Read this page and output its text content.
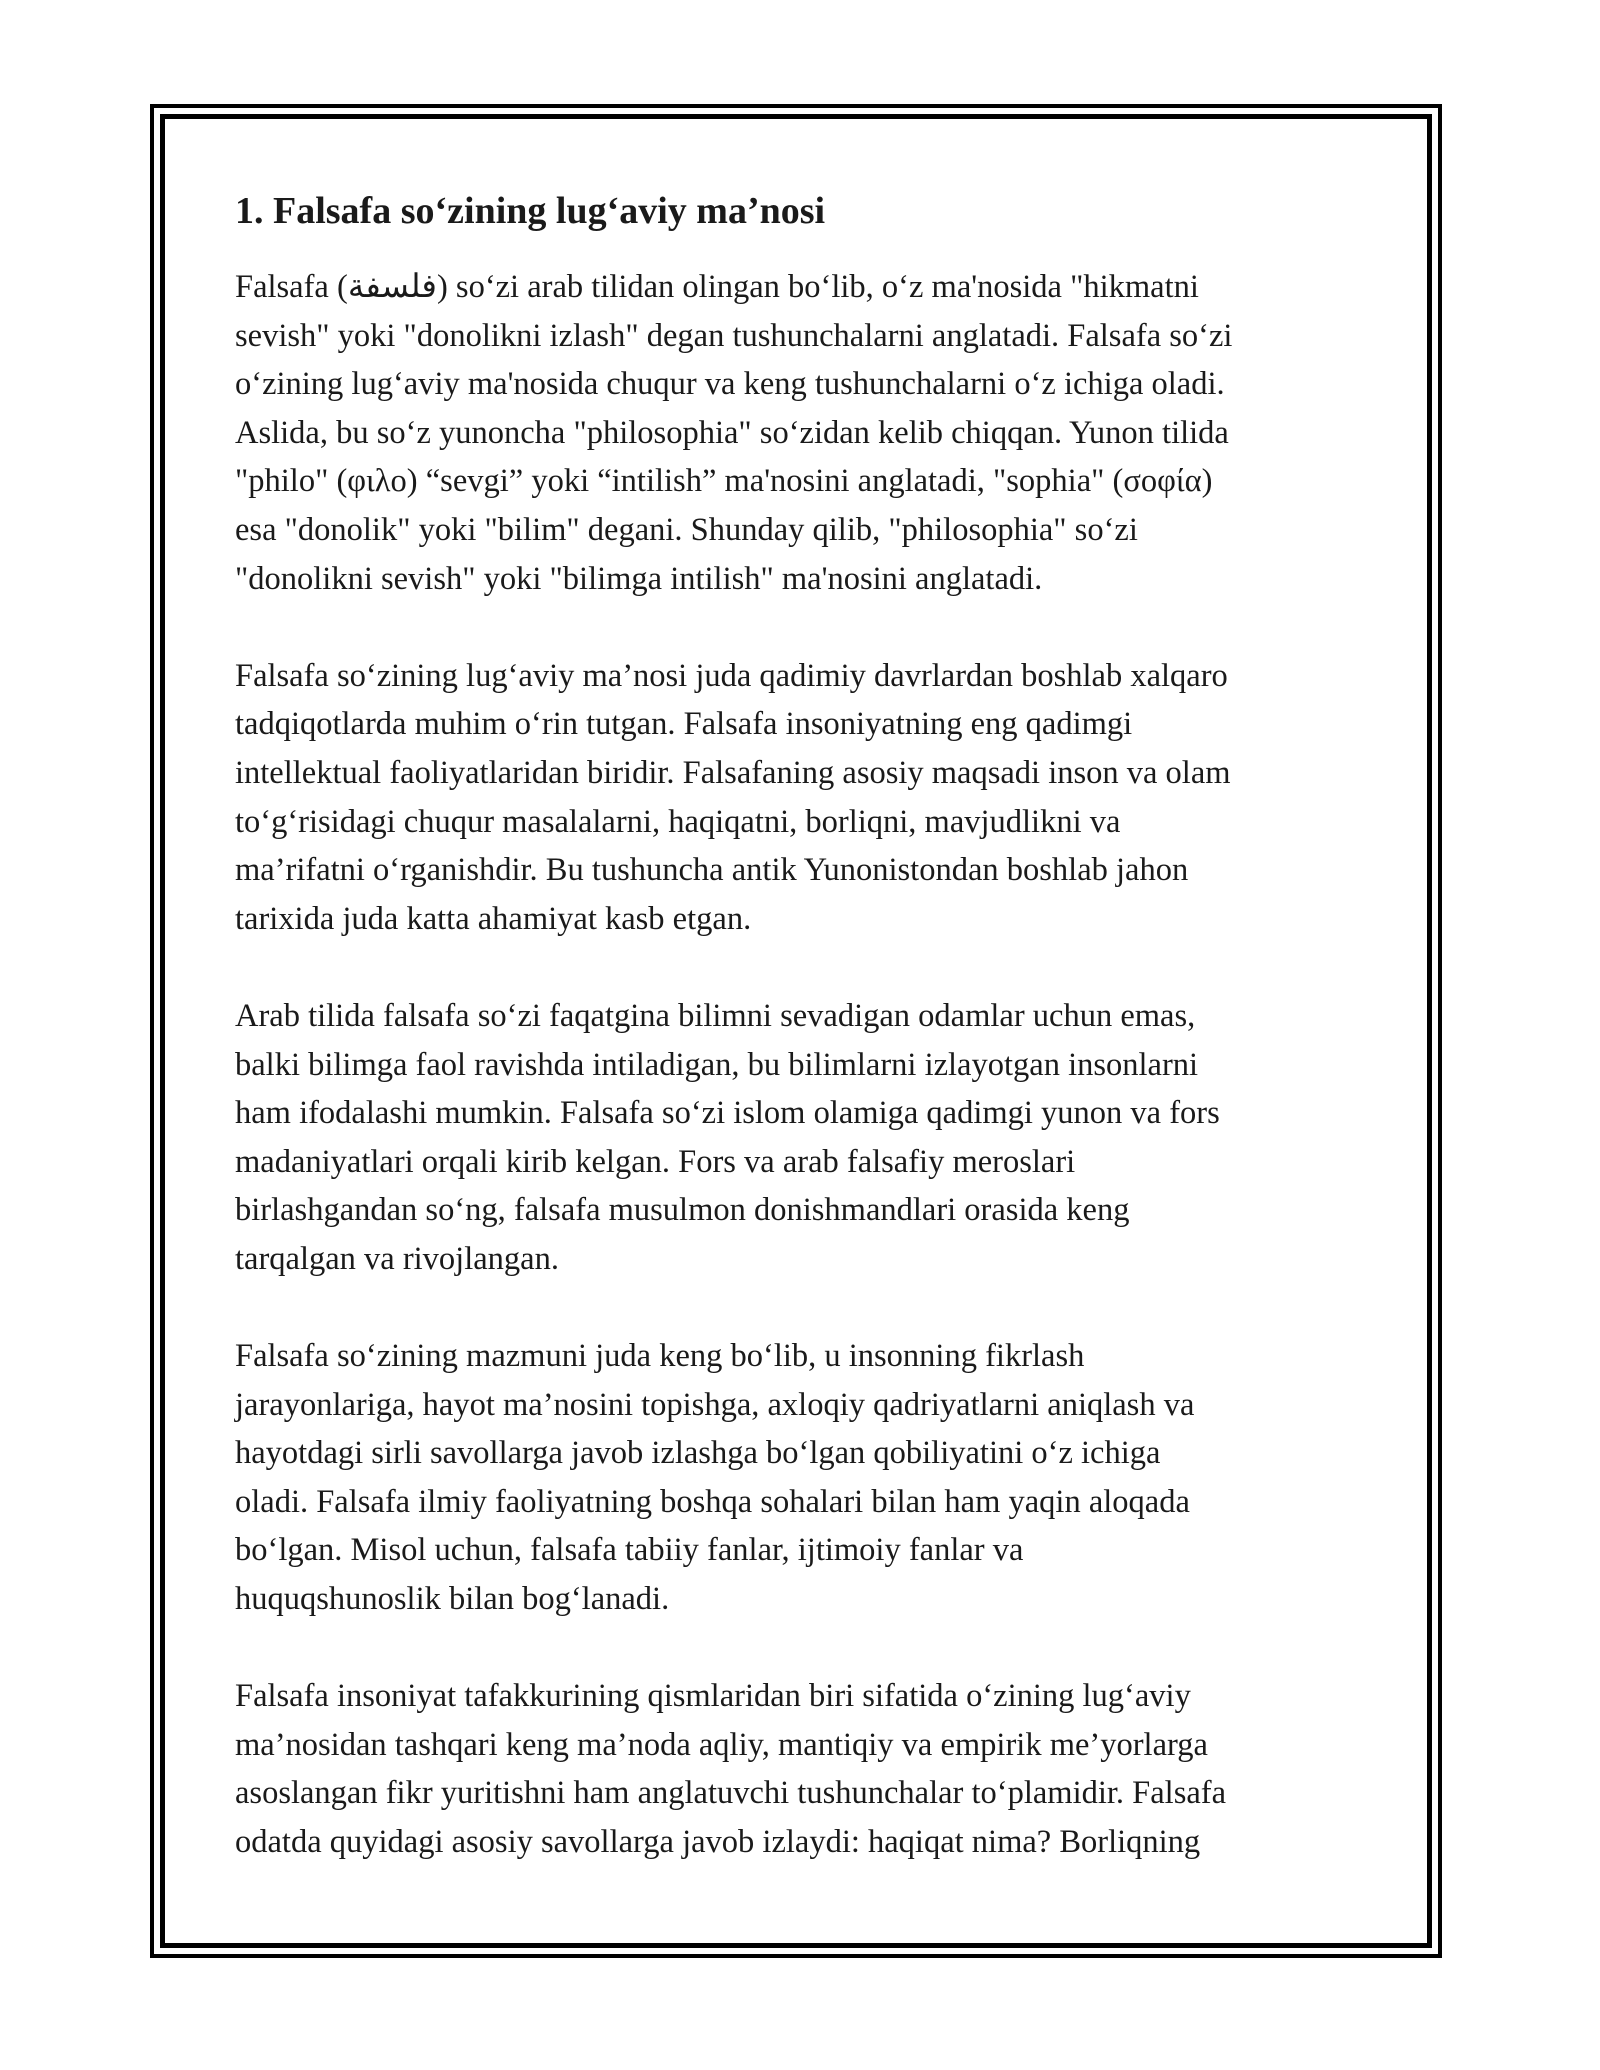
1. Falsafa so‘zining lug‘aviy ma’nosi
Falsafa (فلسفة) so‘zi arab tilidan olingan bo‘lib, o‘z ma'nosida "hikmatni
sevish" yoki "donolikni izlash" degan tushunchalarni anglatadi. Falsafa so‘zi
o‘zining lug‘aviy ma'nosida chuqur va keng tushunchalarni o‘z ichiga oladi.
Aslida, bu so‘z yunoncha "philosophia" so‘zidan kelib chiqqan. Yunon tilida
"philo" (φιλο) “sevgi” yoki “intilish” ma'nosini anglatadi, "sophia" (σοφία)
esa "donolik" yoki "bilim" degani. Shunday qilib, "philosophia" so‘zi
"donolikni sevish" yoki "bilimga intilish" ma'nosini anglatadi.
Falsafa so‘zining lug‘aviy ma’nosi juda qadimiy davrlardan boshlab xalqaro
tadqiqotlarda muhim o‘rin tutgan. Falsafa insoniyatning eng qadimgi
intellektual faoliyatlaridan biridir. Falsafaning asosiy maqsadi inson va olam
to‘g‘risidagi chuqur masalalarni, haqiqatni, borliqni, mavjudlikni va
ma’rifatni o‘rganishdir. Bu tushuncha antik Yunonistondan boshlab jahon
tarixida juda katta ahamiyat kasb etgan.
Arab tilida falsafa so‘zi faqatgina bilimni sevadigan odamlar uchun emas,
balki bilimga faol ravishda intiladigan, bu bilimlarni izlayotgan insonlarni
ham ifodalashi mumkin. Falsafa so‘zi islom olamiga qadimgi yunon va fors
madaniyatlari orqali kirib kelgan. Fors va arab falsafiy meroslari
birlashgandan so‘ng, falsafa musulmon donishmandlari orasida keng
tarqalgan va rivojlangan.
Falsafa so‘zining mazmuni juda keng bo‘lib, u insonning fikrlash
jarayonlariga, hayot ma’nosini topishga, axloqiy qadriyatlarni aniqlash va
hayotdagi sirli savollarga javob izlashga bo‘lgan qobiliyatini o‘z ichiga
oladi. Falsafa ilmiy faoliyatning boshqa sohalari bilan ham yaqin aloqada
bo‘lgan. Misol uchun, falsafa tabiiy fanlar, ijtimoiy fanlar va
huquqshunoslik bilan bog‘lanadi.
Falsafa insoniyat tafakkurining qismlaridan biri sifatida o‘zining lug‘aviy
ma’nosidan tashqari keng ma’noda aqliy, mantiqiy va empirik me’yorlarga
asoslangan fikr yuritishni ham anglatuvchi tushunchalar to‘plamidir. Falsafa
odatda quyidagi asosiy savollarga javob izlaydi: haqiqat nima? Borliqning
